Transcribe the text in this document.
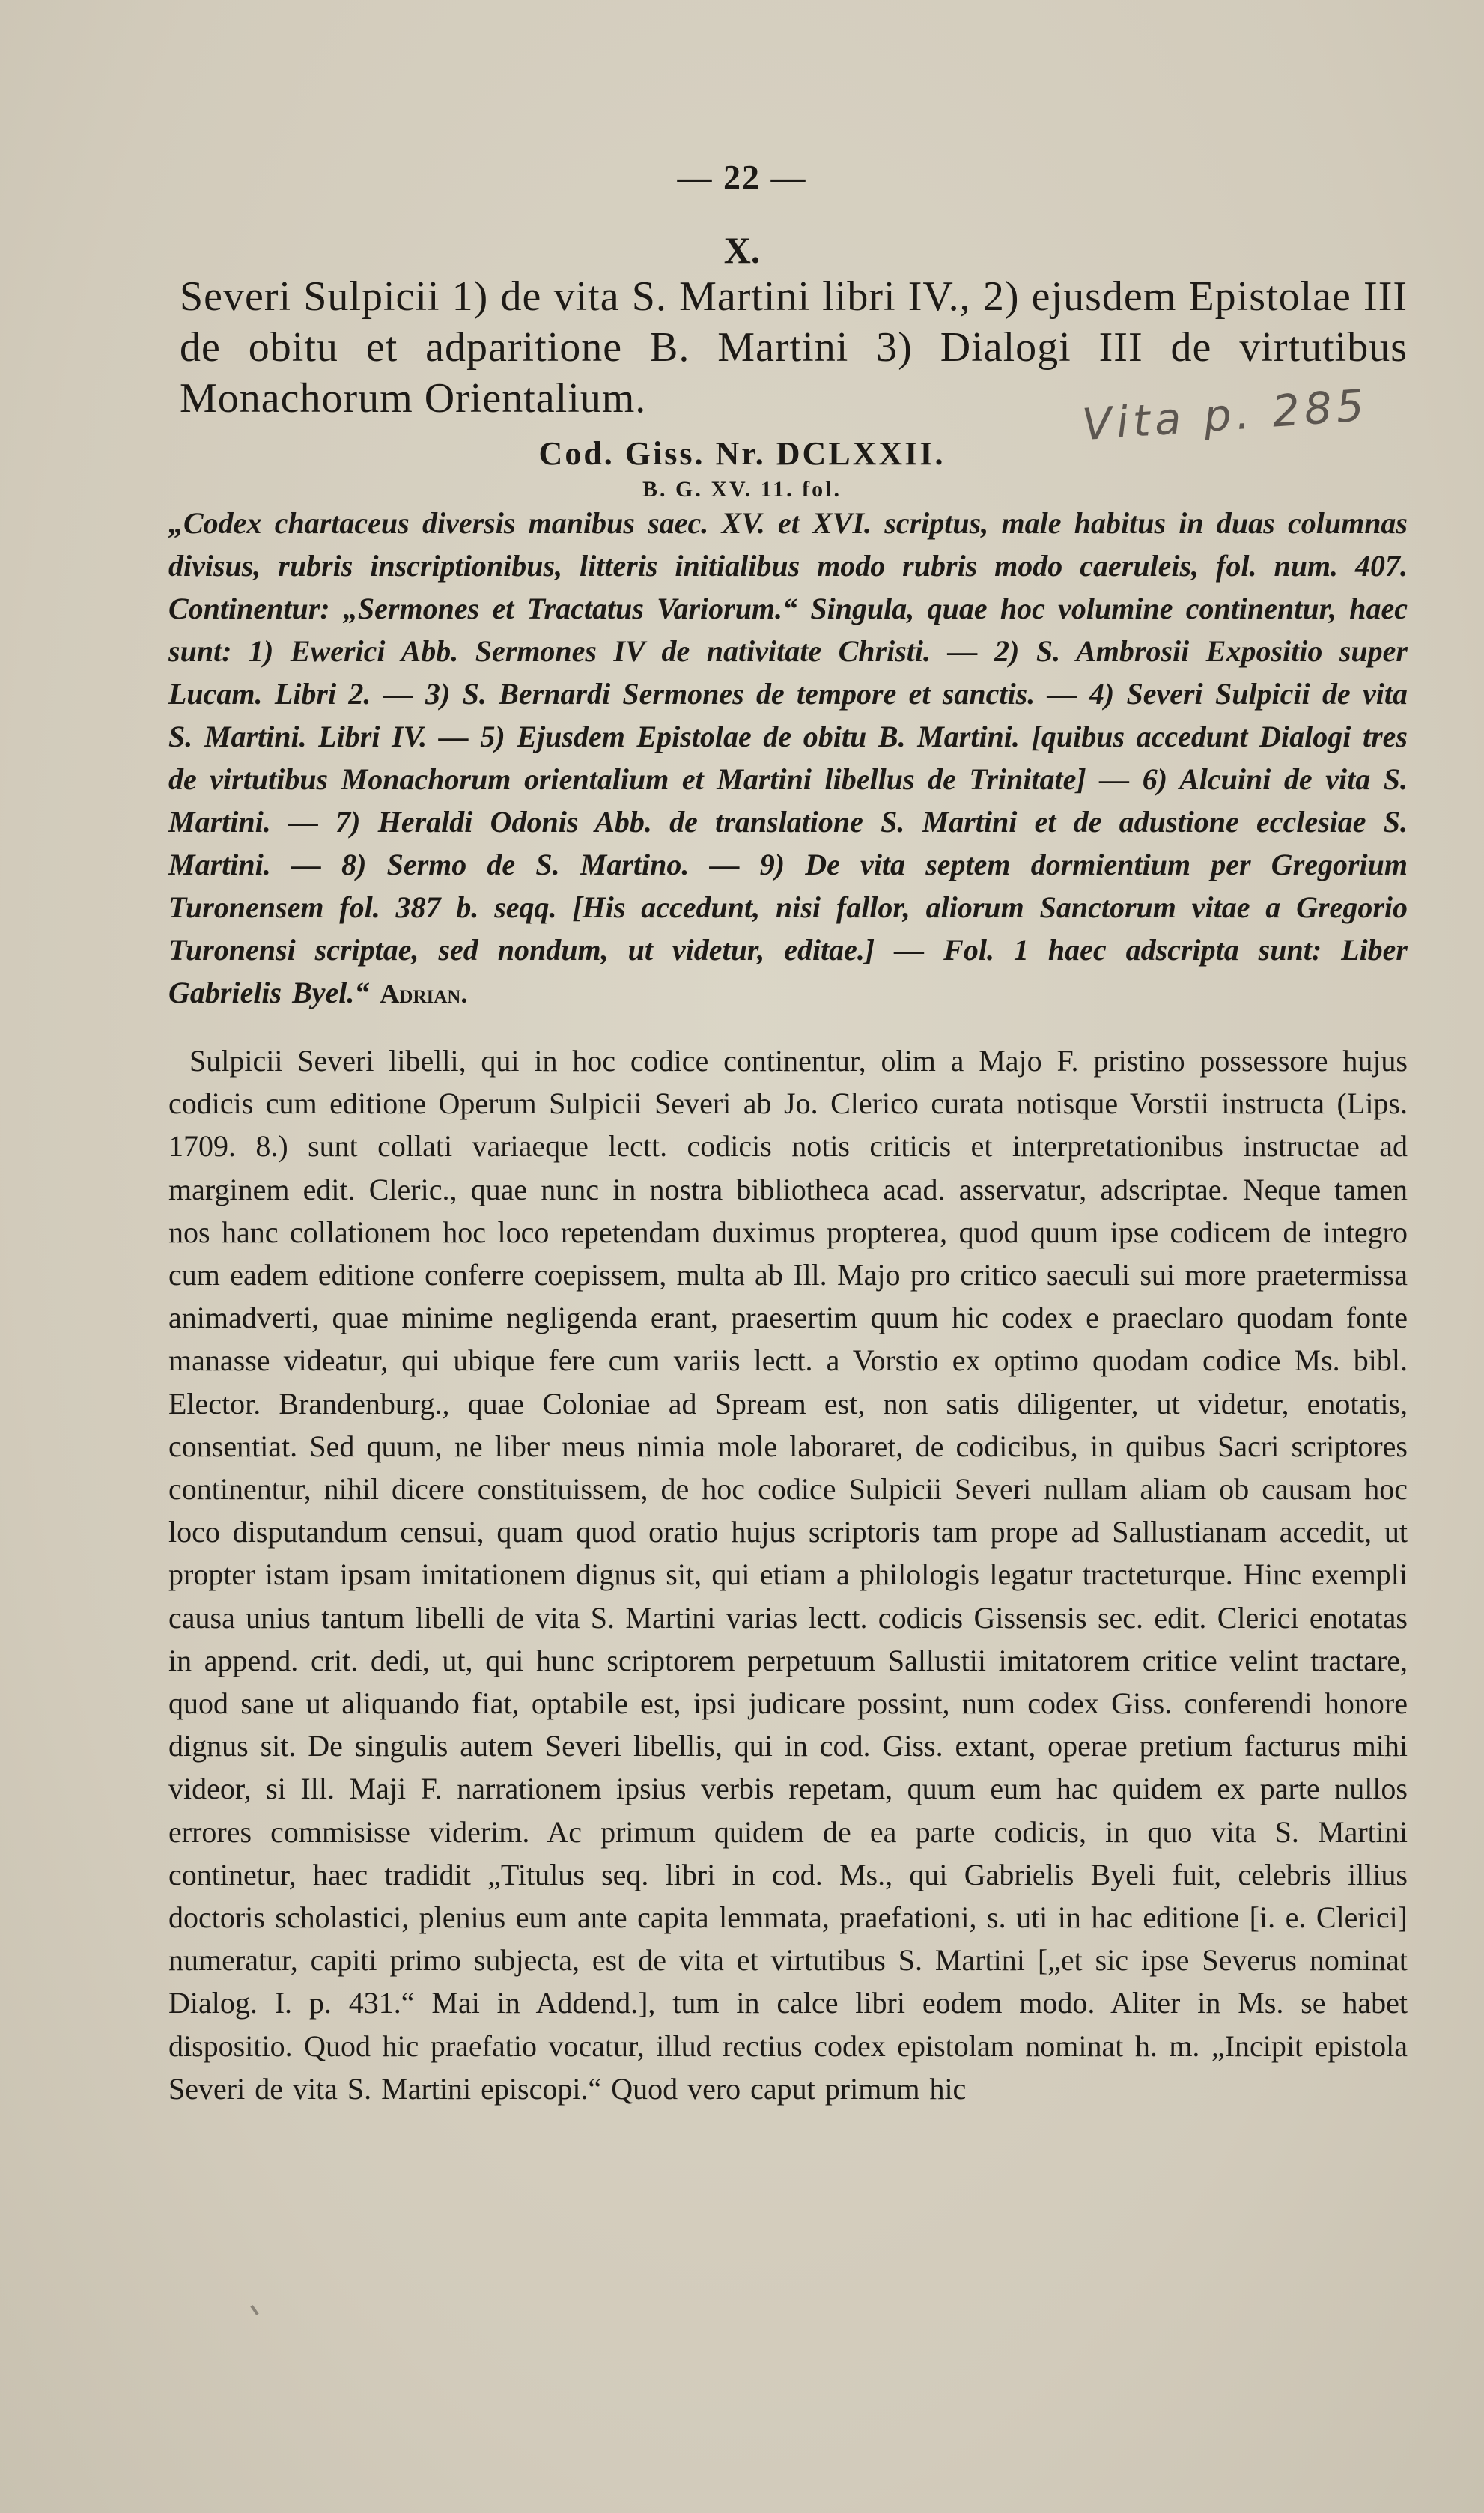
— 22 —
X.
Severi Sulpicii 1) de vita S. Martini libri IV., 2) ejusdem Epistolae III de obitu et adparitione B. Martini 3) Dialogi III de virtutibus Monachorum Orientalium.
Cod. Giss. Nr. DCLXXII.
B. G. XV. 11. fol.
Vita p. 285
„Codex chartaceus diversis manibus saec. XV. et XVI. scriptus, male habitus in duas columnas divisus, rubris inscriptionibus, litteris initialibus modo rubris modo caeruleis, fol. num. 407. Continentur: „Sermones et Tractatus Variorum.“ Singula, quae hoc volumine continentur, haec sunt: 1) Ewerici Abb. Sermones IV de nativitate Christi. — 2) S. Ambrosii Expositio super Lucam. Libri 2. — 3) S. Bernardi Sermones de tempore et sanctis. — 4) Severi Sulpicii de vita S. Martini. Libri IV. — 5) Ejusdem Epistolae de obitu B. Martini. [quibus accedunt Dialogi tres de virtutibus Monachorum orientalium et Martini libellus de Trinitate] — 6) Alcuini de vita S. Martini. — 7) Heraldi Odonis Abb. de translatione S. Martini et de adustione ecclesiae S. Martini. — 8) Sermo de S. Martino. — 9) De vita septem dormientium per Gregorium Turonensem fol. 387 b. seqq. [His accedunt, nisi fallor, aliorum Sanctorum vitae a Gregorio Turonensi scriptae, sed nondum, ut videtur, editae.] — Fol. 1 haec adscripta sunt: Liber Gabrielis Byel.“ Adrian.
Sulpicii Severi libelli, qui in hoc codice continentur, olim a Majo F. pristino possessore hujus codicis cum editione Operum Sulpicii Severi ab Jo. Clerico curata notisque Vorstii instructa (Lips. 1709. 8.) sunt collati variaeque lectt. codicis notis criticis et interpretationibus instructae ad marginem edit. Cleric., quae nunc in nostra bibliotheca acad. asservatur, adscriptae. Neque tamen nos hanc collationem hoc loco repetendam duximus propterea, quod quum ipse codicem de integro cum eadem editione conferre coepissem, multa ab Ill. Majo pro critico saeculi sui more praetermissa animadverti, quae minime negligenda erant, praesertim quum hic codex e praeclaro quodam fonte manasse videatur, qui ubique fere cum variis lectt. a Vorstio ex optimo quodam codice Ms. bibl. Elector. Brandenburg., quae Coloniae ad Spream est, non satis diligenter, ut videtur, enotatis, consentiat. Sed quum, ne liber meus nimia mole laboraret, de codicibus, in quibus Sacri scriptores continentur, nihil dicere constituissem, de hoc codice Sulpicii Severi nullam aliam ob causam hoc loco disputandum censui, quam quod oratio hujus scriptoris tam prope ad Sallustianam accedit, ut propter istam ipsam imitationem dignus sit, qui etiam a philologis legatur tracteturque. Hinc exempli causa unius tantum libelli de vita S. Martini varias lectt. codicis Gissensis sec. edit. Clerici enotatas in append. crit. dedi, ut, qui hunc scriptorem perpetuum Sallustii imitatorem critice velint tractare, quod sane ut aliquando fiat, optabile est, ipsi judicare possint, num codex Giss. conferendi honore dignus sit. De singulis autem Severi libellis, qui in cod. Giss. extant, operae pretium facturus mihi videor, si Ill. Maji F. narrationem ipsius verbis repetam, quum eum hac quidem ex parte nullos errores commisisse viderim. Ac primum quidem de ea parte codicis, in quo vita S. Martini continetur, haec tradidit „Titulus seq. libri in cod. Ms., qui Gabrielis Byeli fuit, celebris illius doctoris scholastici, plenius eum ante capita lemmata, praefationi, s. uti in hac editione [i. e. Clerici] numeratur, capiti primo subjecta, est de vita et virtutibus S. Martini [„et sic ipse Severus nominat Dialog. I. p. 431.“ Mai in Addend.], tum in calce libri eodem modo. Aliter in Ms. se habet dispositio. Quod hic praefatio vocatur, illud rectius codex epistolam nominat h. m. „Incipit epistola Severi de vita S. Martini episcopi.“ Quod vero caput primum hic
